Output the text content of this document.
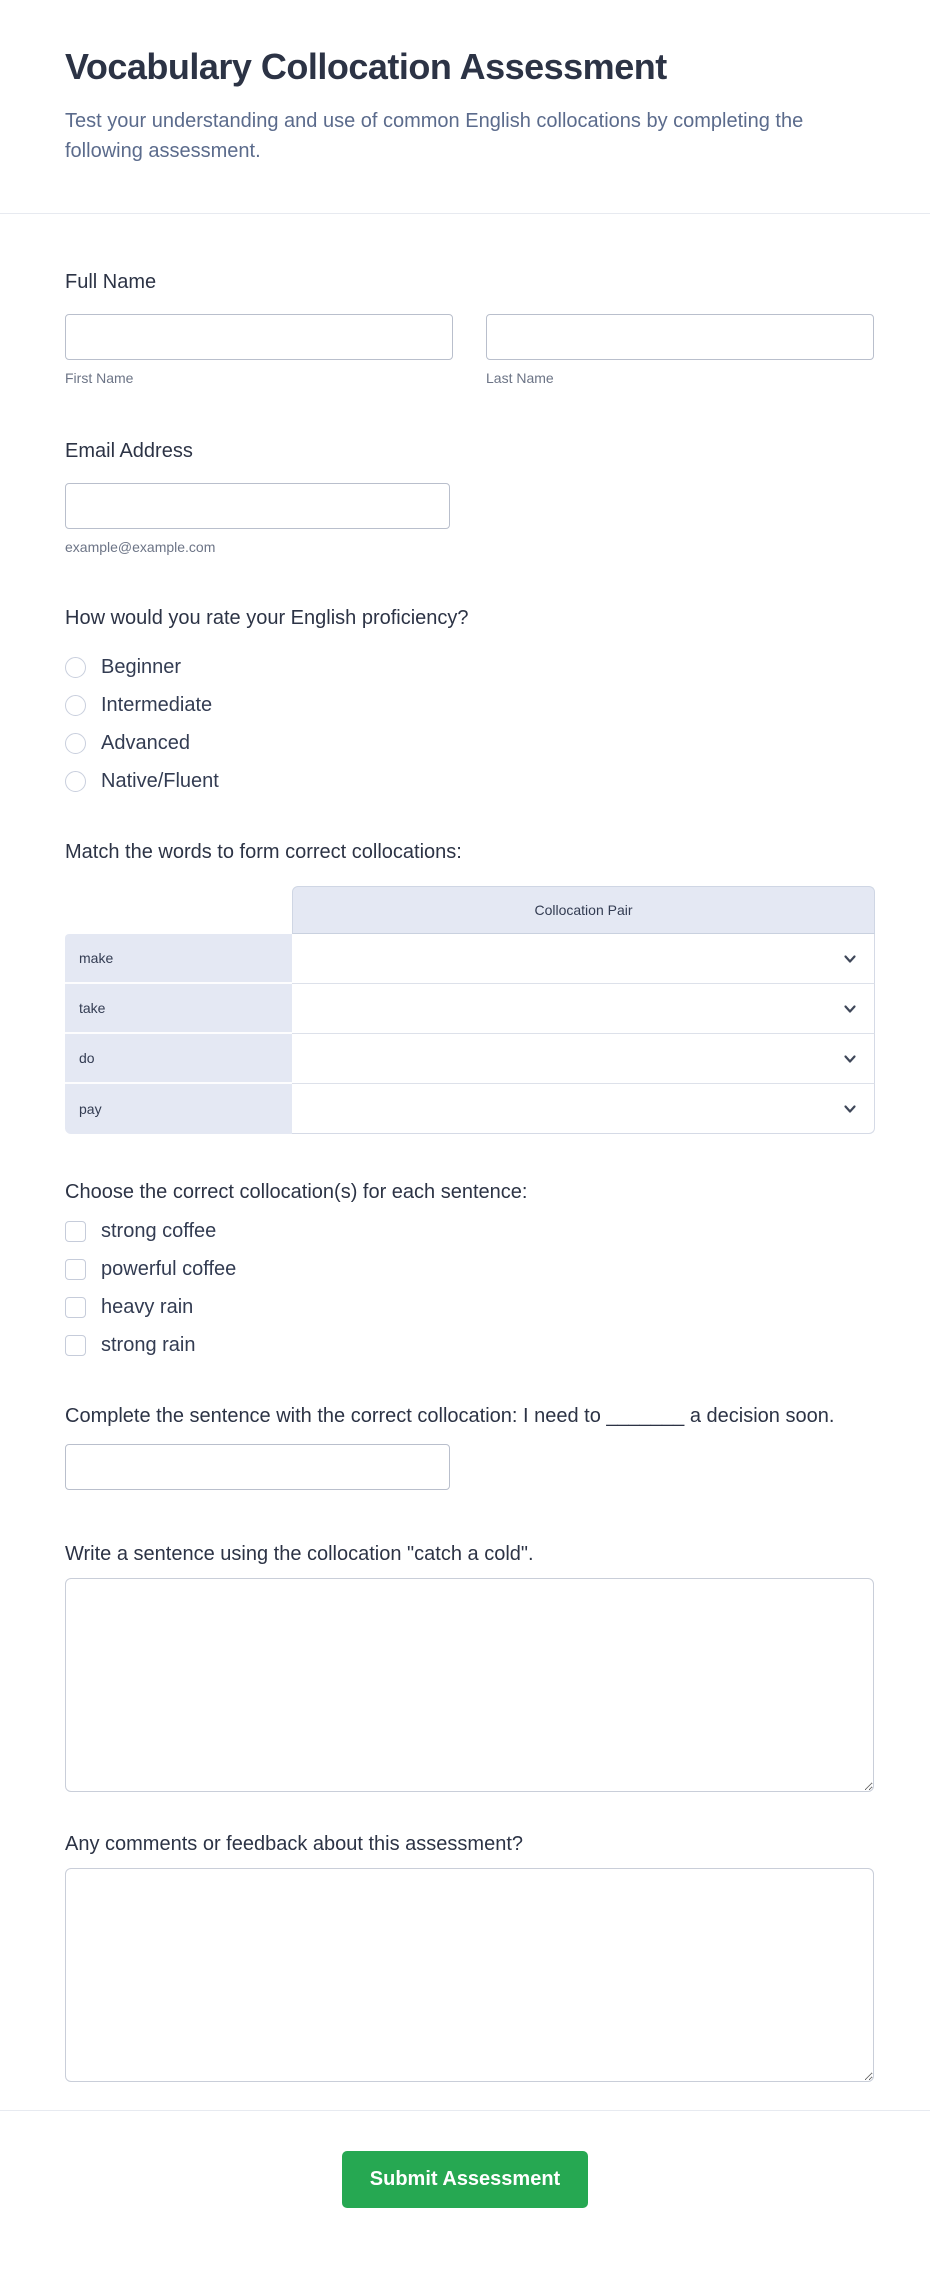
Vocabulary Collocation Assessment
Test your understanding and use of common English collocations by completing the following assessment.
Full Name
First Name	Last Name
Email Address
example@example.com
How would you rate your English proficiency?
Beginner
Intermediate
Advanced
Native/Fluent
Match the words to form correct collocations:
Collocation Pair
make
take
do
pay
Choose the correct collocation(s) for each sentence:
strong coffee
powerful coffee
heavy rain
strong rain
Complete the sentence with the correct collocation: I need to _______ a decision soon.
Write a sentence using the collocation "catch a cold".
Any comments or feedback about this assessment?
Submit Assessment
